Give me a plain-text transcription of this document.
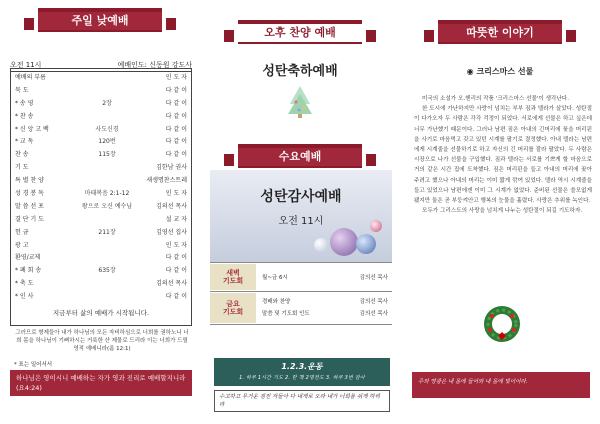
주일 낮예배
오전 11시	예배인도: 신동원 강도사
예배의 부름	인 도 자
묵 도	다 같 이
* 송 영	2장	다 같 이
* 찬 송	다 같 이
* 신 앙 고 백	사도신경	다 같 이
* 교 독	120번	다 같 이
찬 송	115장	다 같 이
기 도	김한남 권사
특 별 찬 양	새생명찬스트레
성 경 봉 독	마태복음 2:1-12	인 도 자
말 씀 선 포	왕으로 오신 예수님	김의선 목사
결 단 기 도	설 교 자
헌 금	211장	김영선 집사
광 고	인 도 자
환영/교제	다 같 이
* 폐 회 송	635장	다 같 이
* 축 도	김의선 목사
* 인 사	다 같 이
지금부터 삶의 예배가 시작됩니다.
그러므로 형제들아 내가 하나님의 모든 자비하심으로 너희를 권하노니 너희 몸을 하나님이 기뻐하시는 거룩한 산 제물로 드리라 이는 너희가 드릴 영적 예배니라(롬 12:1)
* 표는 일어서서
하나님은 영이시니 예배하는 자가 영과 진리로 예배할지니라 (요4:24)
오후 찬양 예배
성탄축하예배
수요예배
성탄감사예배
오전 11시
새벽
기도회	월~금 6시	김의선 목사
금요
기도회
경배와 찬양	김의선 목사
말씀 및 기도회 인도	김의선 목사
1.2.3.운동
1. 하루 1시간 기도 2. 한 책 2명전도 3. 하루 3번 감사
수고하고 무거운 짐진 자들아 다 내게로 오라 내가 너희를 쉬게 하리라
따뜻한 이야기
◉ 크리스마스 선물

미국의 소설가 오.헨리의 작품 '크리스마스 선물'이 생각난다.

한 도시에 가난하지만 사랑이 넘치는 부부 짐과 델라가 살았다. 성탄절이 다가오자 두 사람은 각각 걱정이 되었다. 서로에게 선물은 하고 싶은데 너무 가난했기 때문이다. 그러나 남편 짐은 아내의 긴머리에 꽂을 머리핀을 사기로 마음먹고 갖고 있던 시계를 팔기로 결정했다. 아내 델라는 남편에게 시계줄을 선물하기로 하고 자신의 긴 머리를 잘라 팔았다. 두 사람은 시장으로 나가 선물을 구입했다. 짐과 델라는 서로를 기쁘게 할 마음으로 거의 같은 시간 집에 도착했다. 짐은 머리핀을 들고 아내의 머리에 꽂아 주려고 했으나 아내의 머리는 이미 짧게 깎여 있었다. 델라 역시 시계줄을 들고 있었으나 남편에겐 이미 그 시계가 없었다. 준비된 선물은 쓸모없게 됐지만 둘은 곧 부둥켜안고 행복의 눈물을 흘렸다. 사랑은 추위를 녹인다.

모두가 그리스도의 사랑을 넘치게 나누는 성탄절이 되길 기도하자.

주의 영광은 내 몸에 들어와 내 몸에 빛이어라.
